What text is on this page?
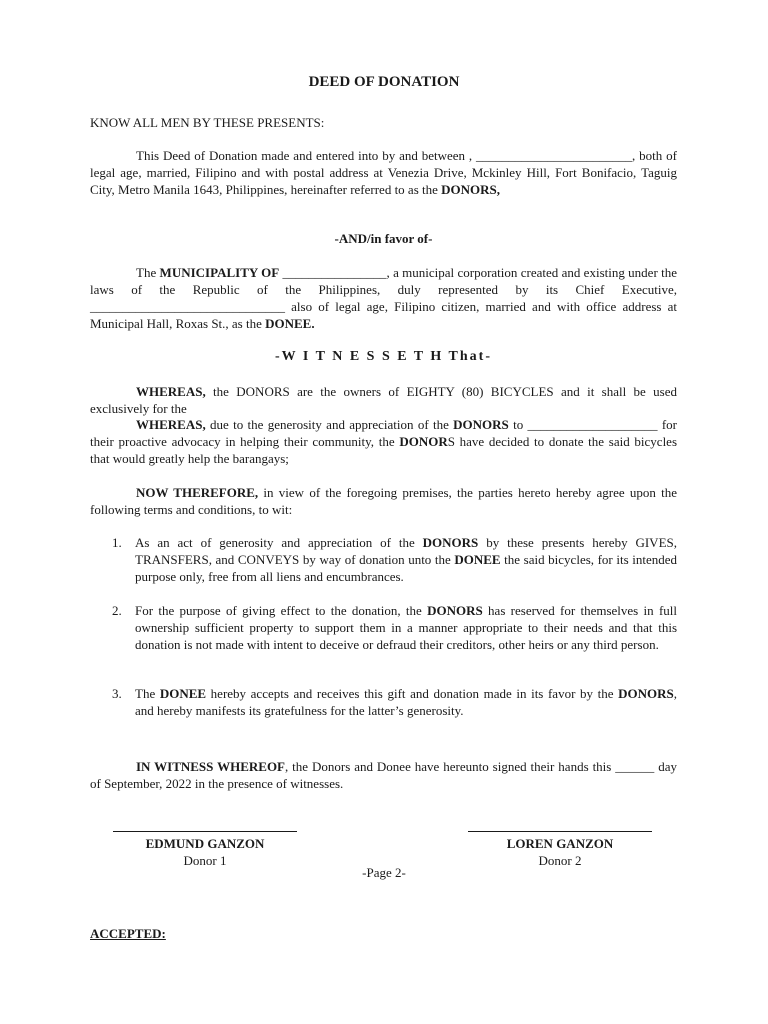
DEED OF DONATION
KNOW ALL MEN BY THESE PRESENTS:
This Deed of Donation made and entered into by and between , ________________________, both of legal age, married, Filipino and with postal address at Venezia Drive, Mckinley Hill, Fort Bonifacio, Taguig City, Metro Manila 1643, Philippines, hereinafter referred to as the DONORS,
-AND/in favor of-
The MUNICIPALITY OF ________________, a municipal corporation created and existing under the laws of the Republic of the Philippines, duly represented by its Chief Executive, ______________________________ also of legal age, Filipino citizen, married and with office address at Municipal Hall, Roxas St., as the DONEE.
-W I T N E S S E T H That-
WHEREAS, the DONORS are the owners of EIGHTY (80) BICYCLES and it shall be used exclusively for the
WHEREAS, due to the generosity and appreciation of the DONORS to ____________________ for their proactive advocacy in helping their community, the DONORS have decided to donate the said bicycles that would greatly help the barangays;
NOW THEREFORE, in view of the foregoing premises, the parties hereto hereby agree upon the following terms and conditions, to wit:
1.	As an act of generosity and appreciation of the DONORS by these presents hereby GIVES, TRANSFERS, and CONVEYS by way of donation unto the DONEE the said bicycles, for its intended purpose only, free from all liens and encumbrances.
2.	For the purpose of giving effect to the donation, the DONORS has reserved for themselves in full ownership sufficient property to support them in a manner appropriate to their needs and that this donation is not made with intent to deceive or defraud their creditors, other heirs or any third person.
3.	The DONEE hereby accepts and receives this gift and donation made in its favor by the DONORS, and hereby manifests its gratefulness for the latter’s generosity.
IN WITNESS WHEREOF, the Donors and Donee have hereunto signed their hands this ______ day of September, 2022 in the presence of witnesses.
EDMUND GANZON
Donor 1
LOREN GANZON
Donor 2
-Page 2-
ACCEPTED:
